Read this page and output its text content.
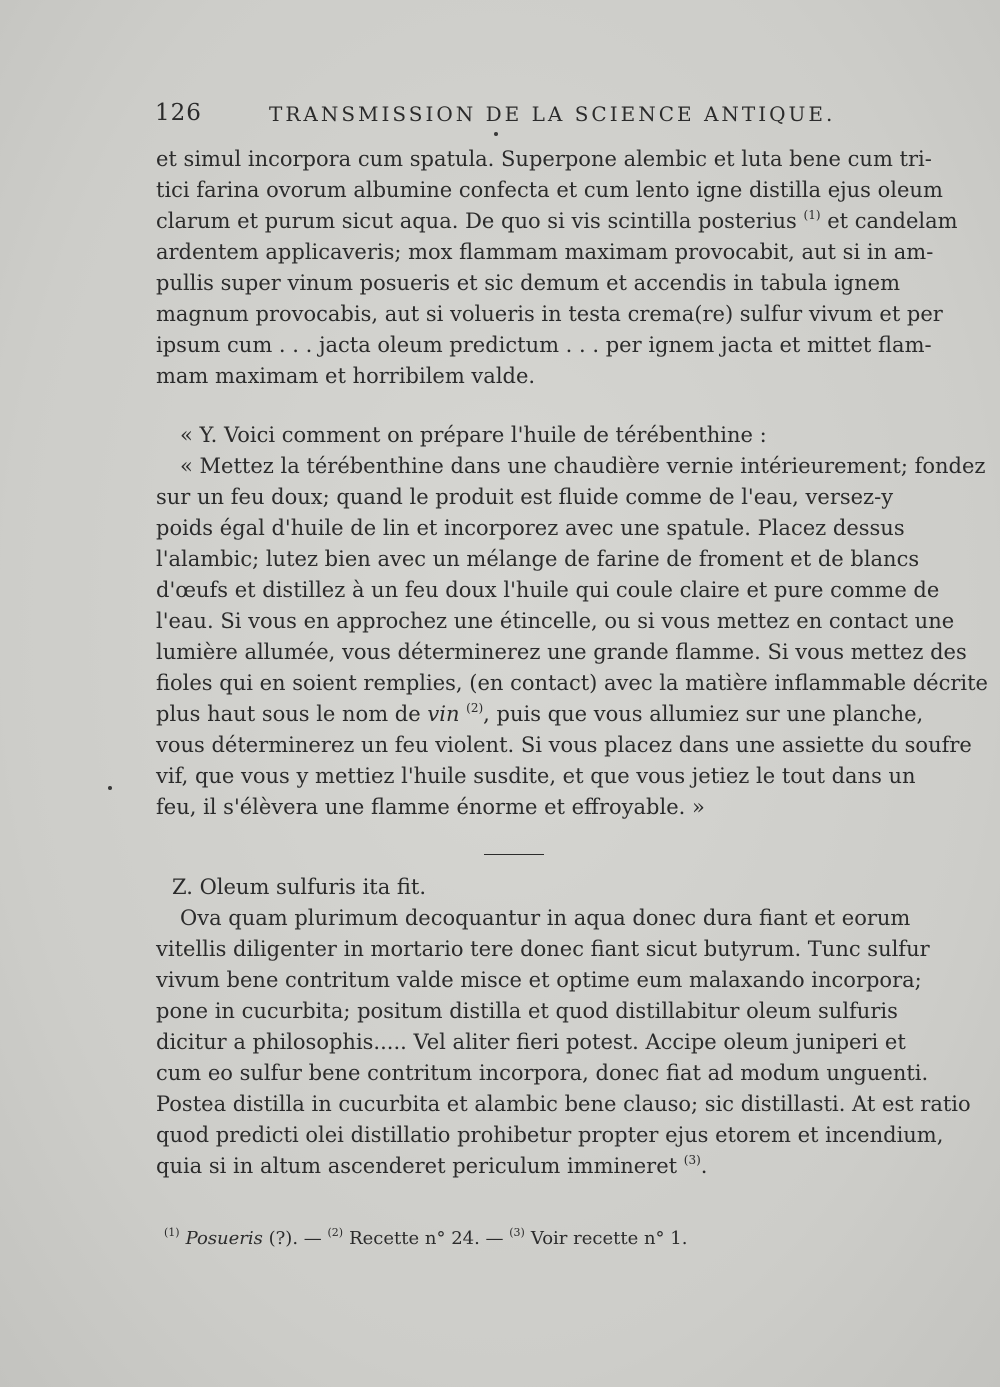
126	TRANSMISSION DE LA SCIENCE ANTIQUE.
et simul incorpora cum spatula. Superpone alembic et luta bene cum tri-
tici farina ovorum albumine confecta et cum lento igne distilla ejus oleum
clarum et purum sicut aqua. De quo si vis scintilla posterius $^{(1)}$ et candelam
ardentem applicaveris; mox flammam maximam provocabit, aut si in am-
pullis super vinum posueris et sic demum et accendis in tabula ignem
magnum provocabis, aut si volueris in testa crema(re) sulfur vivum et per
ipsum cum . . . jacta oleum predictum . . . per ignem jacta et mittet flam-
mam maximam et horribilem valde.
« Y. Voici comment on prépare l'huile de térébenthine :
« Mettez la térébenthine dans une chaudière vernie intérieurement; fondez
sur un feu doux; quand le produit est fluide comme de l'eau, versez-y
poids égal d'huile de lin et incorporez avec une spatule. Placez dessus
l'alambic; lutez bien avec un mélange de farine de froment et de blancs
d'œufs et distillez à un feu doux l'huile qui coule claire et pure comme de
l'eau. Si vous en approchez une étincelle, ou si vous mettez en contact une
lumière allumée, vous déterminerez une grande flamme. Si vous mettez des
fioles qui en soient remplies, (en contact) avec la matière inflammable décrite
plus haut sous le nom de vin $^{(2)}$, puis que vous allumiez sur une planche,
vous déterminerez un feu violent. Si vous placez dans une assiette du soufre
vif, que vous y mettiez l'huile susdite, et que vous jetiez le tout dans un
feu, il s'élèvera une flamme énorme et effroyable. »
Z. Oleum sulfuris ita fit.
Ova quam plurimum decoquantur in aqua donec dura fiant et eorum
vitellis diligenter in mortario tere donec fiant sicut butyrum. Tunc sulfur
vivum bene contritum valde misce et optime eum malaxando incorpora;
pone in cucurbita; positum distilla et quod distillabitur oleum sulfuris
dicitur a philosophis..... Vel aliter fieri potest. Accipe oleum juniperi et
cum eo sulfur bene contritum incorpora, donec fiat ad modum unguenti.
Postea distilla in cucurbita et alambic bene clauso; sic distillasti. At est ratio
quod predicti olei distillatio prohibetur propter ejus etorem et incendium,
quia si in altum ascenderet periculum immineret $^{(3)}$.
$^{(1)}$ Posueris (?). — $^{(2)}$ Recette n° 24. — $^{(3)}$ Voir recette n° 1.
